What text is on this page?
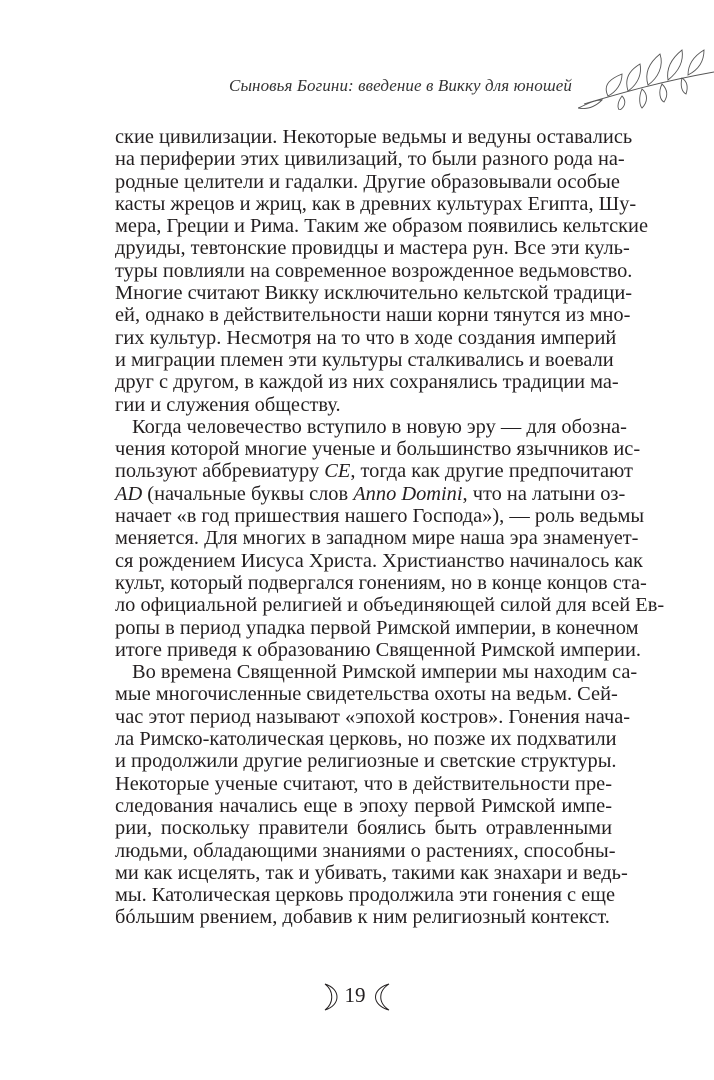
Сыновья Богини: введение в Викку для юношей
ские цивилизации. Некоторые ведьмы и ведуны оставались
на периферии этих цивилизаций, то были разного рода на-
родные целители и гадалки. Другие образовывали особые
касты жрецов и жриц, как в древних культурах Египта, Шу-
мера, Греции и Рима. Таким же образом появились кельтские
друиды, тевтонские провидцы и мастера рун. Все эти куль-
туры повлияли на современное возрожденное ведьмовство.
Многие считают Викку исключительно кельтской традици-
ей, однако в действительности наши корни тянутся из мно-
гих культур. Несмотря на то что в ходе создания империй
и миграции племен эти культуры сталкивались и воевали
друг с другом, в каждой из них сохранялись традиции ма-
гии и служения обществу.
Когда человечество вступило в новую эру — для обозна-
чения которой многие ученые и большинство язычников ис-
пользуют аббревиатуру CE, тогда как другие предпочитают
AD (начальные буквы слов Anno Domini, что на латыни оз-
начает «в год пришествия нашего Господа»), — роль ведьмы
меняется. Для многих в западном мире наша эра знаменует-
ся рождением Иисуса Христа. Христианство начиналось как
культ, который подвергался гонениям, но в конце концов ста-
ло официальной религией и объединяющей силой для всей Ев-
ропы в период упадка первой Римской империи, в конечном
итоге приведя к образованию Священной Римской империи.
Во времена Священной Римской империи мы находим са-
мые многочисленные свидетельства охоты на ведьм. Сей-
час этот период называют «эпохой костров». Гонения нача-
ла Римско-католическая церковь, но позже их подхватили
и продолжили другие религиозные и светские структуры.
Некоторые ученые считают, что в действительности пре-
следования начались еще в эпоху первой Римской импе-
рии, поскольку правители боялись быть отравленными
людьми, обладающими знаниями о растениях, способны-
ми как исцелять, так и убивать, такими как знахари и ведь-
мы. Католическая церковь продолжила эти гонения с еще
бóльшим рвением, добавив к ним религиозный контекст.
19
